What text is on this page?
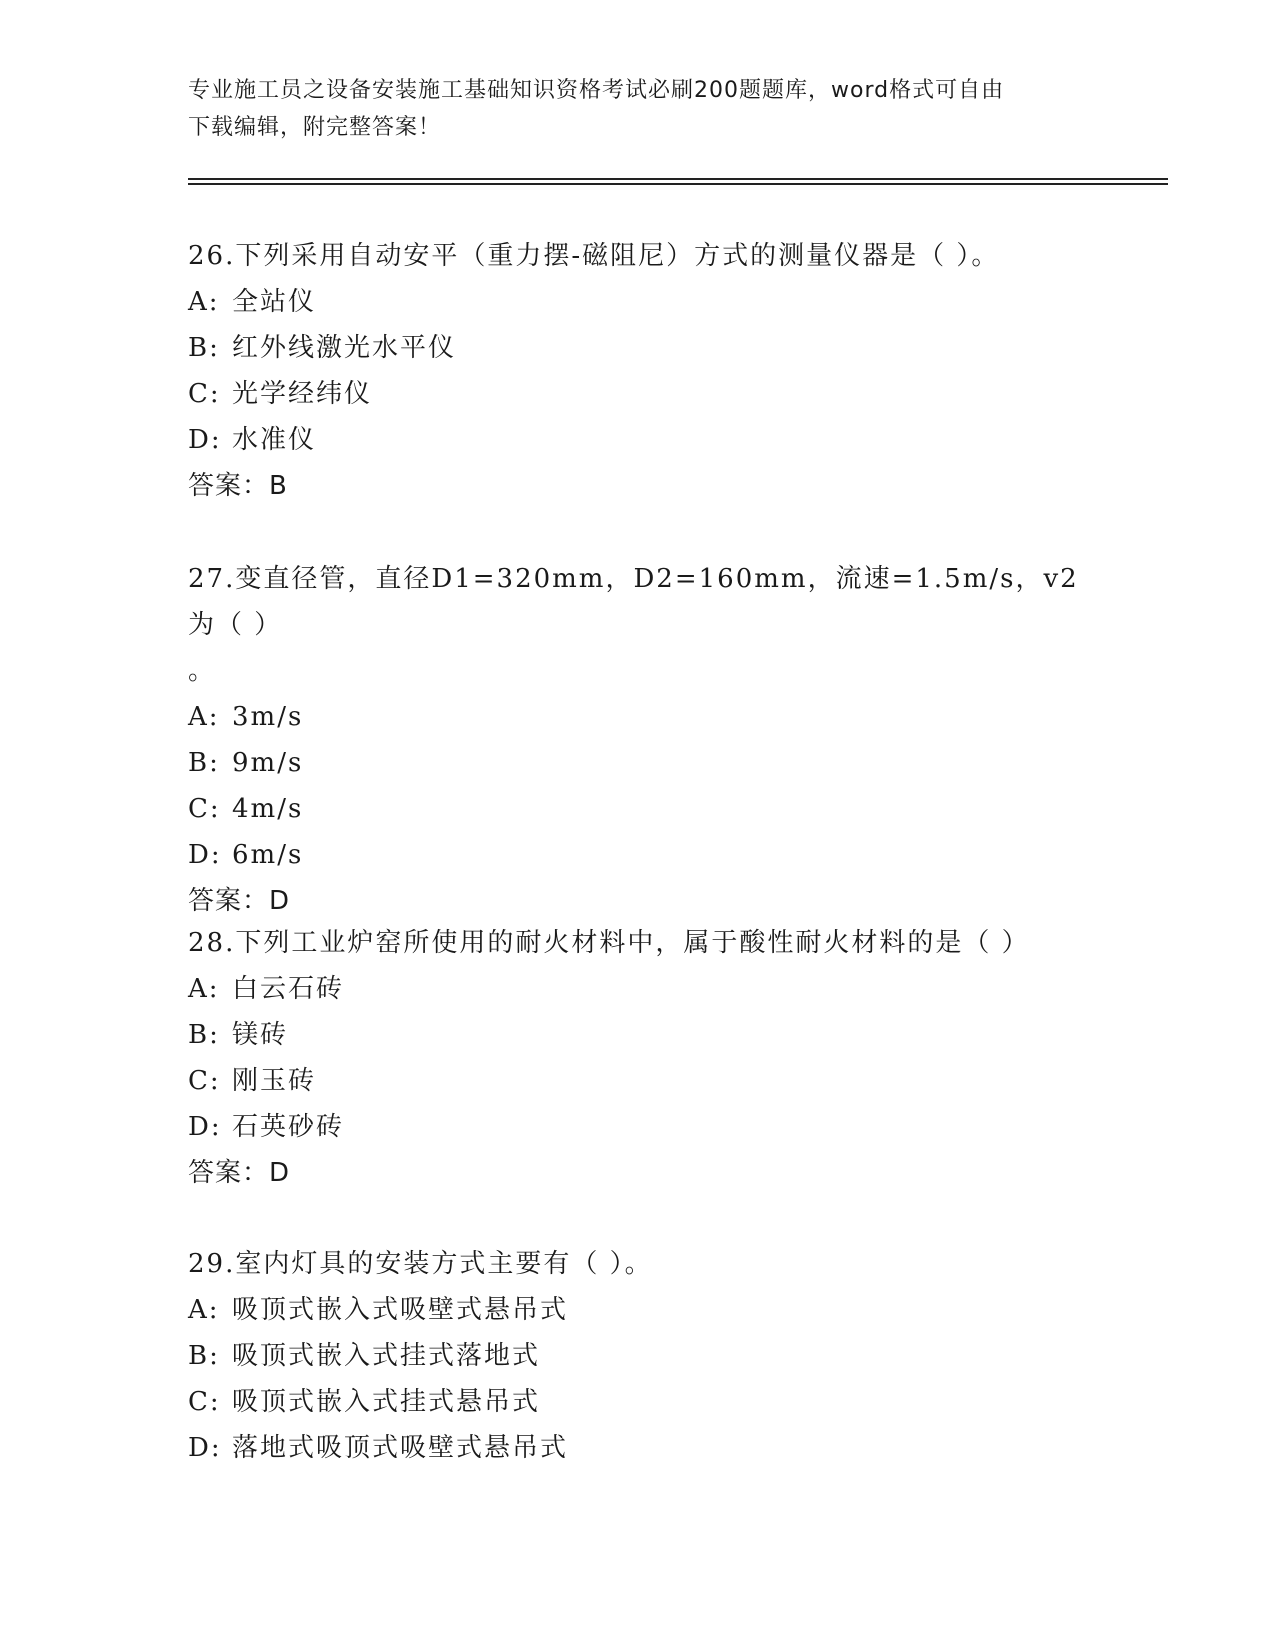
专业施工员之设备安装施工基础知识资格考试必刷200题题库，word格式可自由
下载编辑，附完整答案！

26.下列采用自动安平（重力摆-磁阻尼）方式的测量仪器是（ ）。

A: 全站仪

B: 红外线激光水平仪

C: 光学经纬仪

D: 水准仪

答案：B

27.变直径管，直径D1=320mm，D2=160mm，流速=1.5m/s，v2为（ ）
。

A: 3m/s

B: 9m/s

C: 4m/s

D: 6m/s

答案：D

28.下列工业炉窑所使用的耐火材料中，属于酸性耐火材料的是（ ）

A: 白云石砖

B: 镁砖

C: 刚玉砖

D: 石英砂砖

答案：D

29.室内灯具的安装方式主要有（ ）。

A: 吸顶式嵌入式吸壁式悬吊式

B: 吸顶式嵌入式挂式落地式

C: 吸顶式嵌入式挂式悬吊式

D: 落地式吸顶式吸壁式悬吊式
